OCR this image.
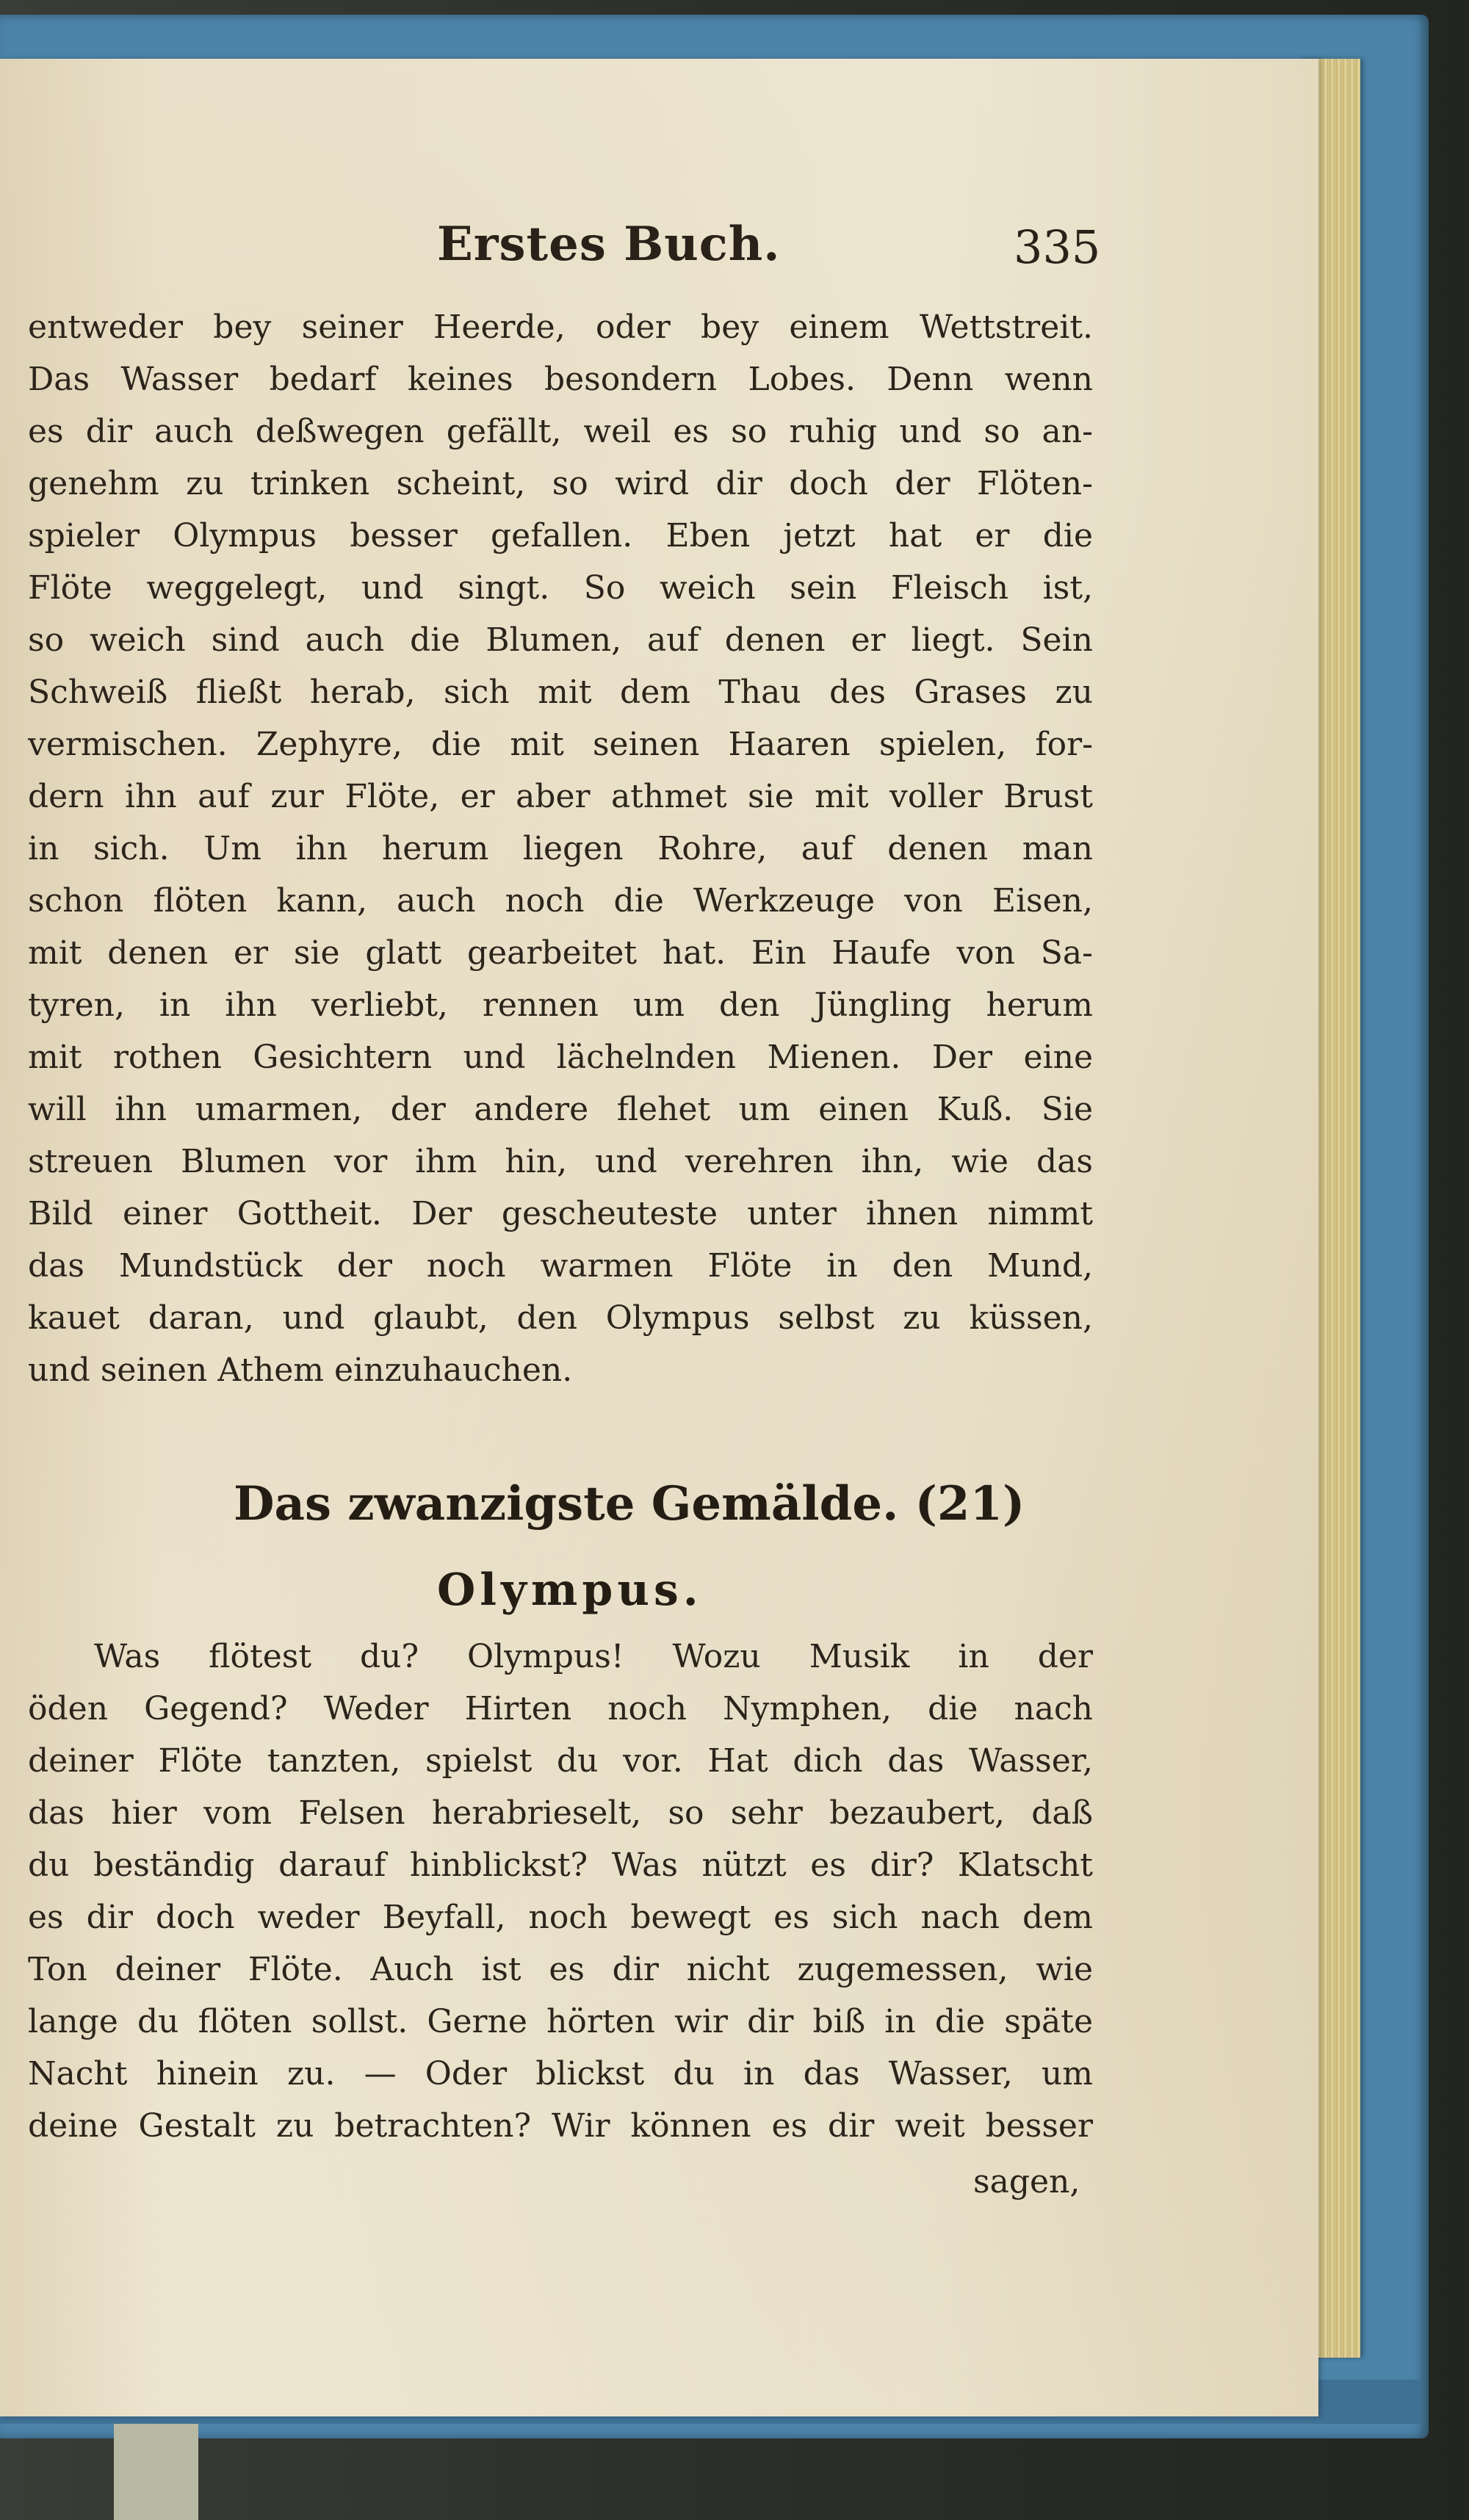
Erstes Buch.	335
entweder bey seiner Heerde, oder bey einem Wettstreit.
Das Wasser bedarf keines besondern Lobes. Denn wenn
es dir auch deßwegen gefällt, weil es so ruhig und so an-
genehm zu trinken scheint, so wird dir doch der Flöten-
spieler Olympus besser gefallen. Eben jetzt hat er die
Flöte weggelegt, und singt. So weich sein Fleisch ist,
so weich sind auch die Blumen, auf denen er liegt. Sein
Schweiß fließt herab, sich mit dem Thau des Grases zu
vermischen. Zephyre, die mit seinen Haaren spielen, for-
dern ihn auf zur Flöte, er aber athmet sie mit voller Brust
in sich. Um ihn herum liegen Rohre, auf denen man
schon flöten kann, auch noch die Werkzeuge von Eisen,
mit denen er sie glatt gearbeitet hat. Ein Haufe von Sa-
tyren, in ihn verliebt, rennen um den Jüngling herum
mit rothen Gesichtern und lächelnden Mienen. Der eine
will ihn umarmen, der andere flehet um einen Kuß. Sie
streuen Blumen vor ihm hin, und verehren ihn, wie das
Bild einer Gottheit. Der gescheuteste unter ihnen nimmt
das Mundstück der noch warmen Flöte in den Mund,
kauet daran, und glaubt, den Olympus selbst zu küssen,
und seinen Athem einzuhauchen.
Das zwanzigste Gemälde. (21)
Olympus.
Was flötest du? Olympus! Wozu Musik in der
öden Gegend? Weder Hirten noch Nymphen, die nach
deiner Flöte tanzten, spielst du vor. Hat dich das Wasser,
das hier vom Felsen herabrieselt, so sehr bezaubert, daß
du beständig darauf hinblickst? Was nützt es dir? Klatscht
es dir doch weder Beyfall, noch bewegt es sich nach dem
Ton deiner Flöte. Auch ist es dir nicht zugemessen, wie
lange du flöten sollst. Gerne hörten wir dir biß in die späte
Nacht hinein zu. — Oder blickst du in das Wasser, um
deine Gestalt zu betrachten? Wir können es dir weit besser
sagen,
